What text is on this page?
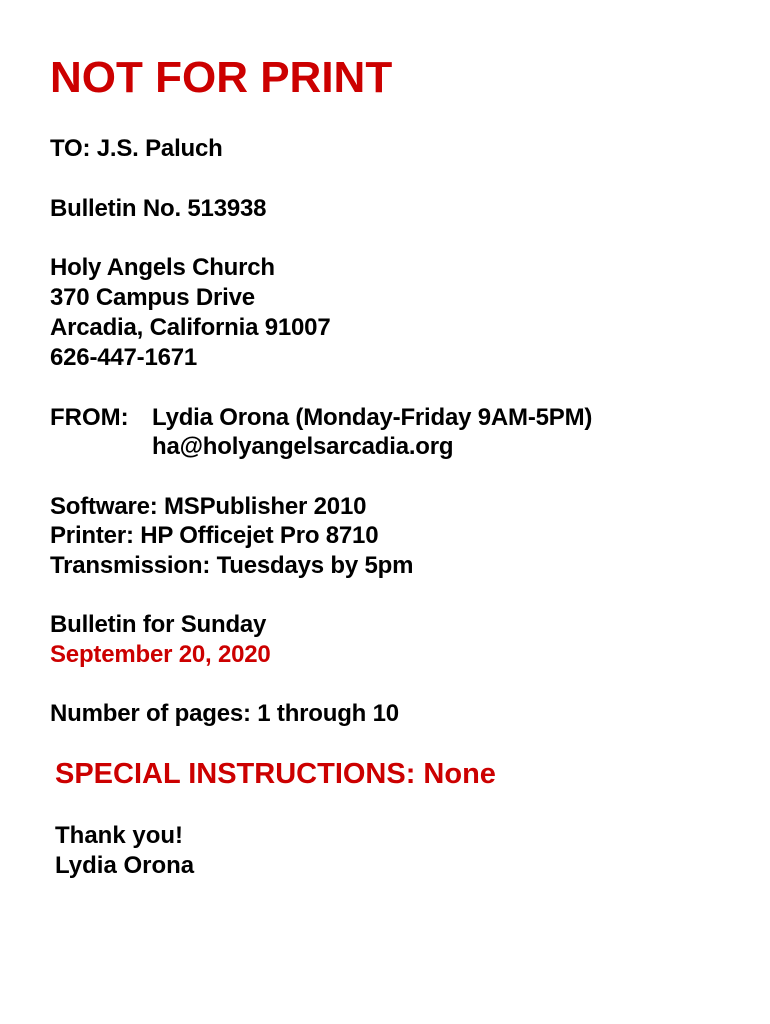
NOT FOR PRINT

TO: J.S. Paluch

Bulletin No. 513938

Holy Angels Church

370 Campus Drive

Arcadia, California 91007

626-447-1671

FROM: Lydia Orona (Monday-Friday 9AM-5PM)

ha@holyangelsarcadia.org

Software: MSPublisher 2010

Printer: HP Officejet Pro 8710

Transmission: Tuesdays by 5pm

Bulletin for Sunday

September 20, 2020

Number of pages: 1 through 10

SPECIAL INSTRUCTIONS: None

Thank you!

Lydia Orona
